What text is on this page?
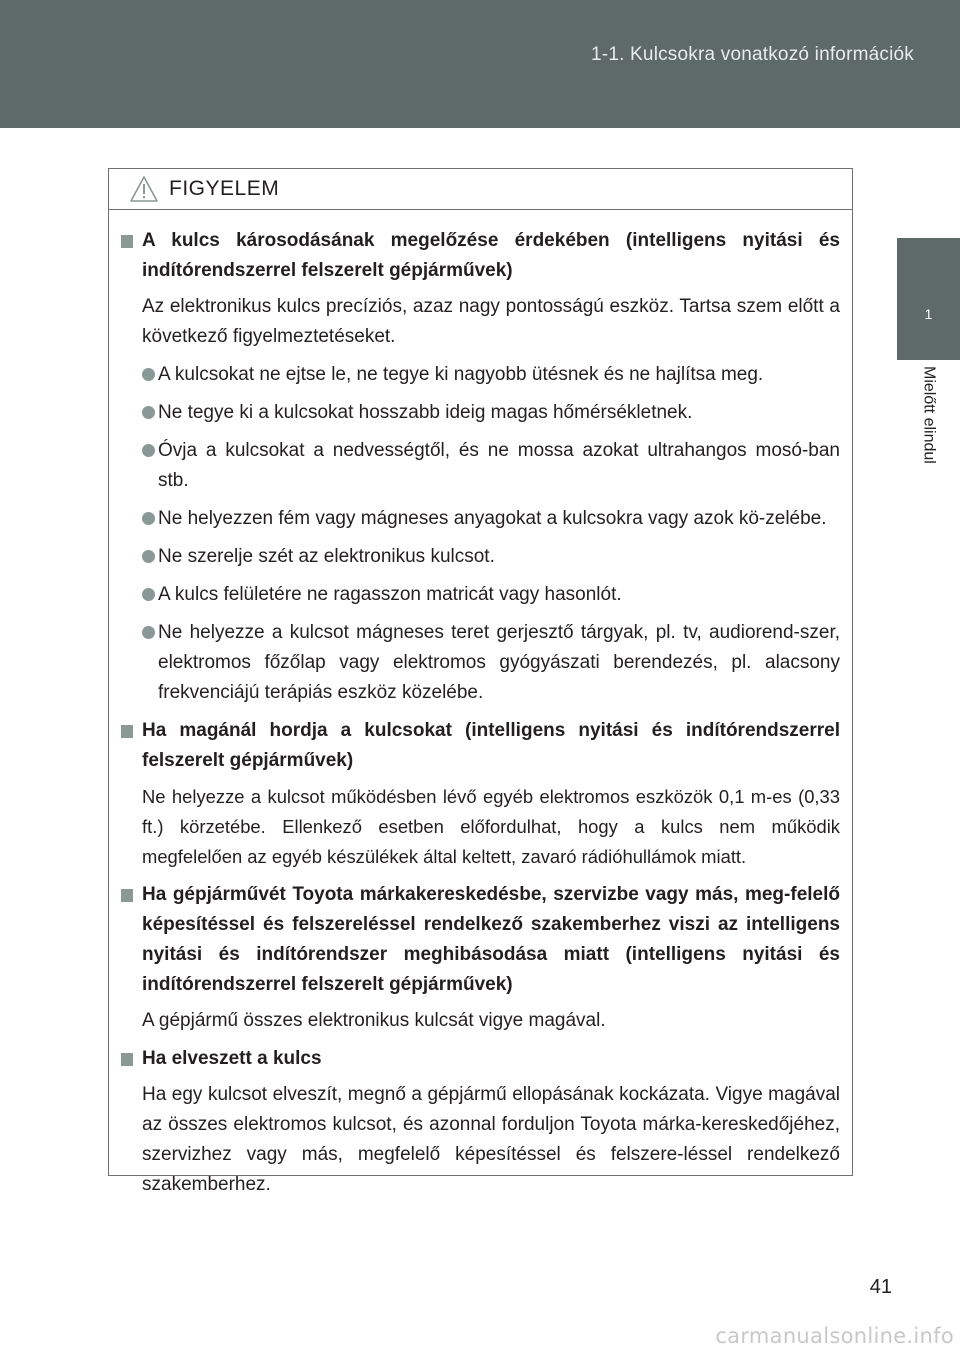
1-1. Kulcsokra vonatkozó információk
1
Mielőtt elindul
FIGYELEM
A kulcs károsodásának megelőzése érdekében (intelligens nyitási és indítórendszerrel felszerelt gépjárművek)
Az elektronikus kulcs precíziós, azaz nagy pontosságú eszköz. Tartsa szem előtt a következő figyelmeztetéseket.
A kulcsokat ne ejtse le, ne tegye ki nagyobb ütésnek és ne hajlítsa meg.
Ne tegye ki a kulcsokat hosszabb ideig magas hőmérsékletnek.
Óvja a kulcsokat a nedvességtől, és ne mossa azokat ultrahangos mosó-ban stb.
Ne helyezzen fém vagy mágneses anyagokat a kulcsokra vagy azok kö-zelébe.
Ne szerelje szét az elektronikus kulcsot.
A kulcs felületére ne ragasszon matricát vagy hasonlót.
Ne helyezze a kulcsot mágneses teret gerjesztő tárgyak, pl. tv, audiorend-szer, elektromos főzőlap vagy elektromos gyógyászati berendezés, pl. alacsony frekvenciájú terápiás eszköz közelébe.
Ha magánál hordja a kulcsokat (intelligens nyitási és indítórendszerrel felszerelt gépjárművek)
Ne helyezze a kulcsot működésben lévő egyéb elektromos eszközök 0,1 m-es (0,33 ft.) körzetébe. Ellenkező esetben előfordulhat, hogy a kulcs nem működik megfelelően az egyéb készülékek által keltett, zavaró rádióhullámok miatt.
Ha gépjárművét Toyota márkakereskedésbe, szervizbe vagy más, meg-felelő képesítéssel és felszereléssel rendelkező szakemberhez viszi az intelligens nyitási és indítórendszer meghibásodása miatt (intelligens nyitási és indítórendszerrel felszerelt gépjárművek)
A gépjármű összes elektronikus kulcsát vigye magával.
Ha elveszett a kulcs
Ha egy kulcsot elveszít, megnő a gépjármű ellopásának kockázata. Vigye magával az összes elektromos kulcsot, és azonnal forduljon Toyota márka-kereskedőjéhez, szervizhez vagy más, megfelelő képesítéssel és felszere-léssel rendelkező szakemberhez.
41
carmanualsonline.info
